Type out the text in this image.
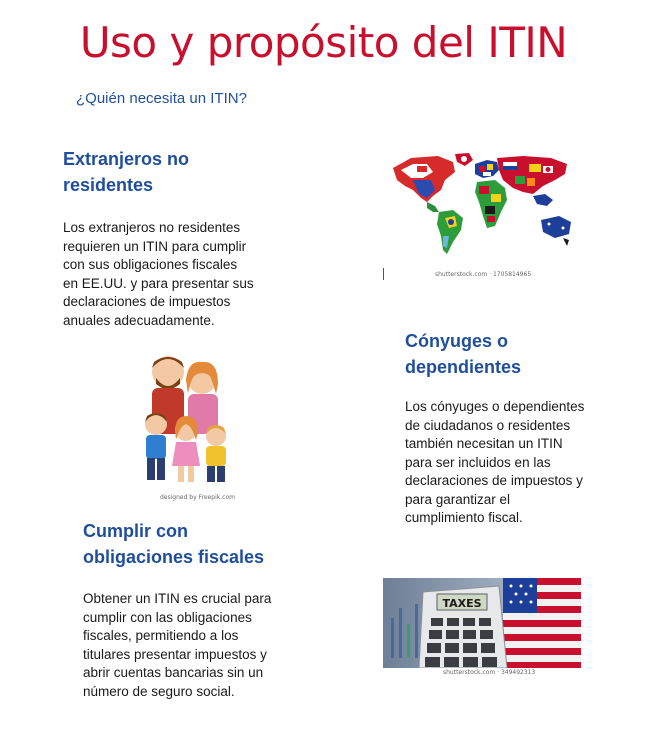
Uso y propósito del ITIN
¿Quién necesita un ITIN?
Extranjeros no
residentes
Los extranjeros no residentes
requieren un ITIN para cumplir
con sus obligaciones fiscales
en EE.UU. y para presentar sus
declaraciones de impuestos
anuales adecuadamente.
shutterstock.com · 1705814965
Cónyuges o
dependientes
Los cónyuges o dependientes
de ciudadanos o residentes
también necesitan un ITIN
para ser incluidos en las
declaraciones de impuestos y
para garantizar el
cumplimiento fiscal.
designed by Freepik.com
Cumplir con
obligaciones fiscales
Obtener un ITIN es crucial para
cumplir con las obligaciones
fiscales, permitiendo a los
titulares presentar impuestos y
abrir cuentas bancarias sin un
número de seguro social.
TAXES
shutterstock.com · 349492313
